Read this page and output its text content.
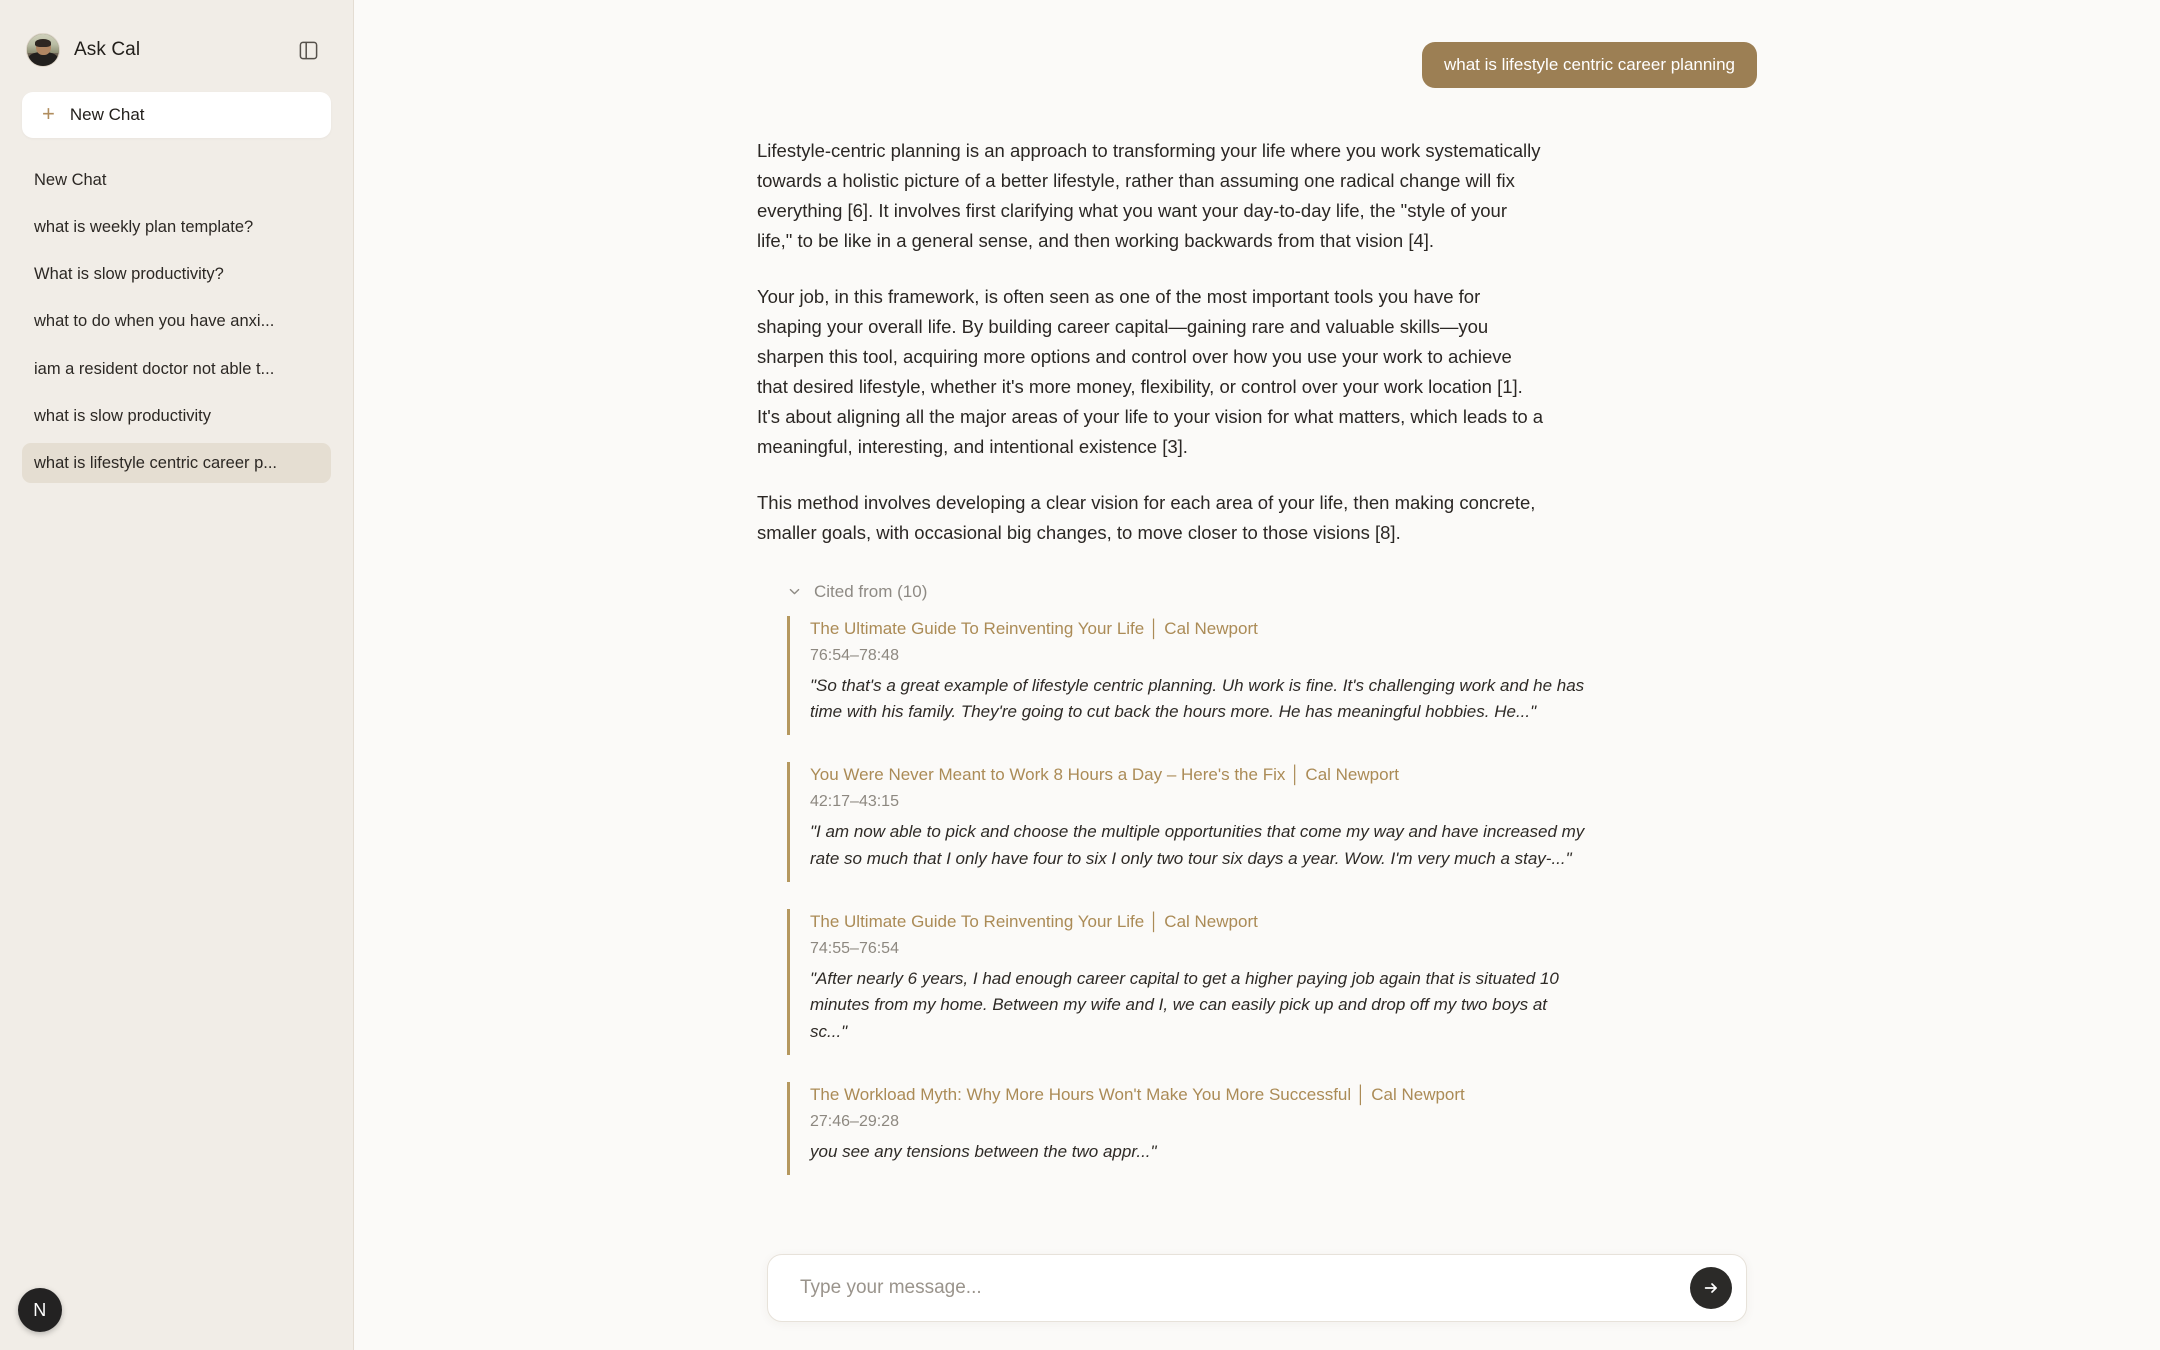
Ask Cal
+ New Chat
New Chat
what is weekly plan template?
What is slow productivity?
what to do when you have anxi...
iam a resident doctor not able t...
what is slow productivity
what is lifestyle centric career p...
N
what is lifestyle centric career planning

Lifestyle-centric planning is an approach to transforming your life where you work systematically towards a holistic picture of a better lifestyle, rather than assuming one radical change will fix everything [6]. It involves first clarifying what you want your day-to-day life, the "style of your life," to be like in a general sense, and then working backwards from that vision [4].

Your job, in this framework, is often seen as one of the most important tools you have for shaping your overall life. By building career capital—gaining rare and valuable skills—you sharpen this tool, acquiring more options and control over how you use your work to achieve that desired lifestyle, whether it's more money, flexibility, or control over your work location [1]. It's about aligning all the major areas of your life to your vision for what matters, which leads to a meaningful, interesting, and intentional existence [3].

This method involves developing a clear vision for each area of your life, then making concrete, smaller goals, with occasional big changes, to move closer to those visions [8].

Cited from (10)
The Ultimate Guide To Reinventing Your Life │ Cal Newport
76:54–78:48
"So that's a great example of lifestyle centric planning. Uh work is fine. It's challenging work and he has time with his family. They're going to cut back the hours more. He has meaningful hobbies. He..."
You Were Never Meant to Work 8 Hours a Day – Here's the Fix │ Cal Newport
42:17–43:15
"I am now able to pick and choose the multiple opportunities that come my way and have increased my rate so much that I only have four to six I only two tour six days a year. Wow. I'm very much a stay-..."
The Ultimate Guide To Reinventing Your Life │ Cal Newport
74:55–76:54
"After nearly 6 years, I had enough career capital to get a higher paying job again that is situated 10 minutes from my home. Between my wife and I, we can easily pick up and drop off my two boys at sc..."
The Workload Myth: Why More Hours Won't Make You More Successful │ Cal Newport
27:46–29:28
you see any tensions between the two appr..."
Type your message...
